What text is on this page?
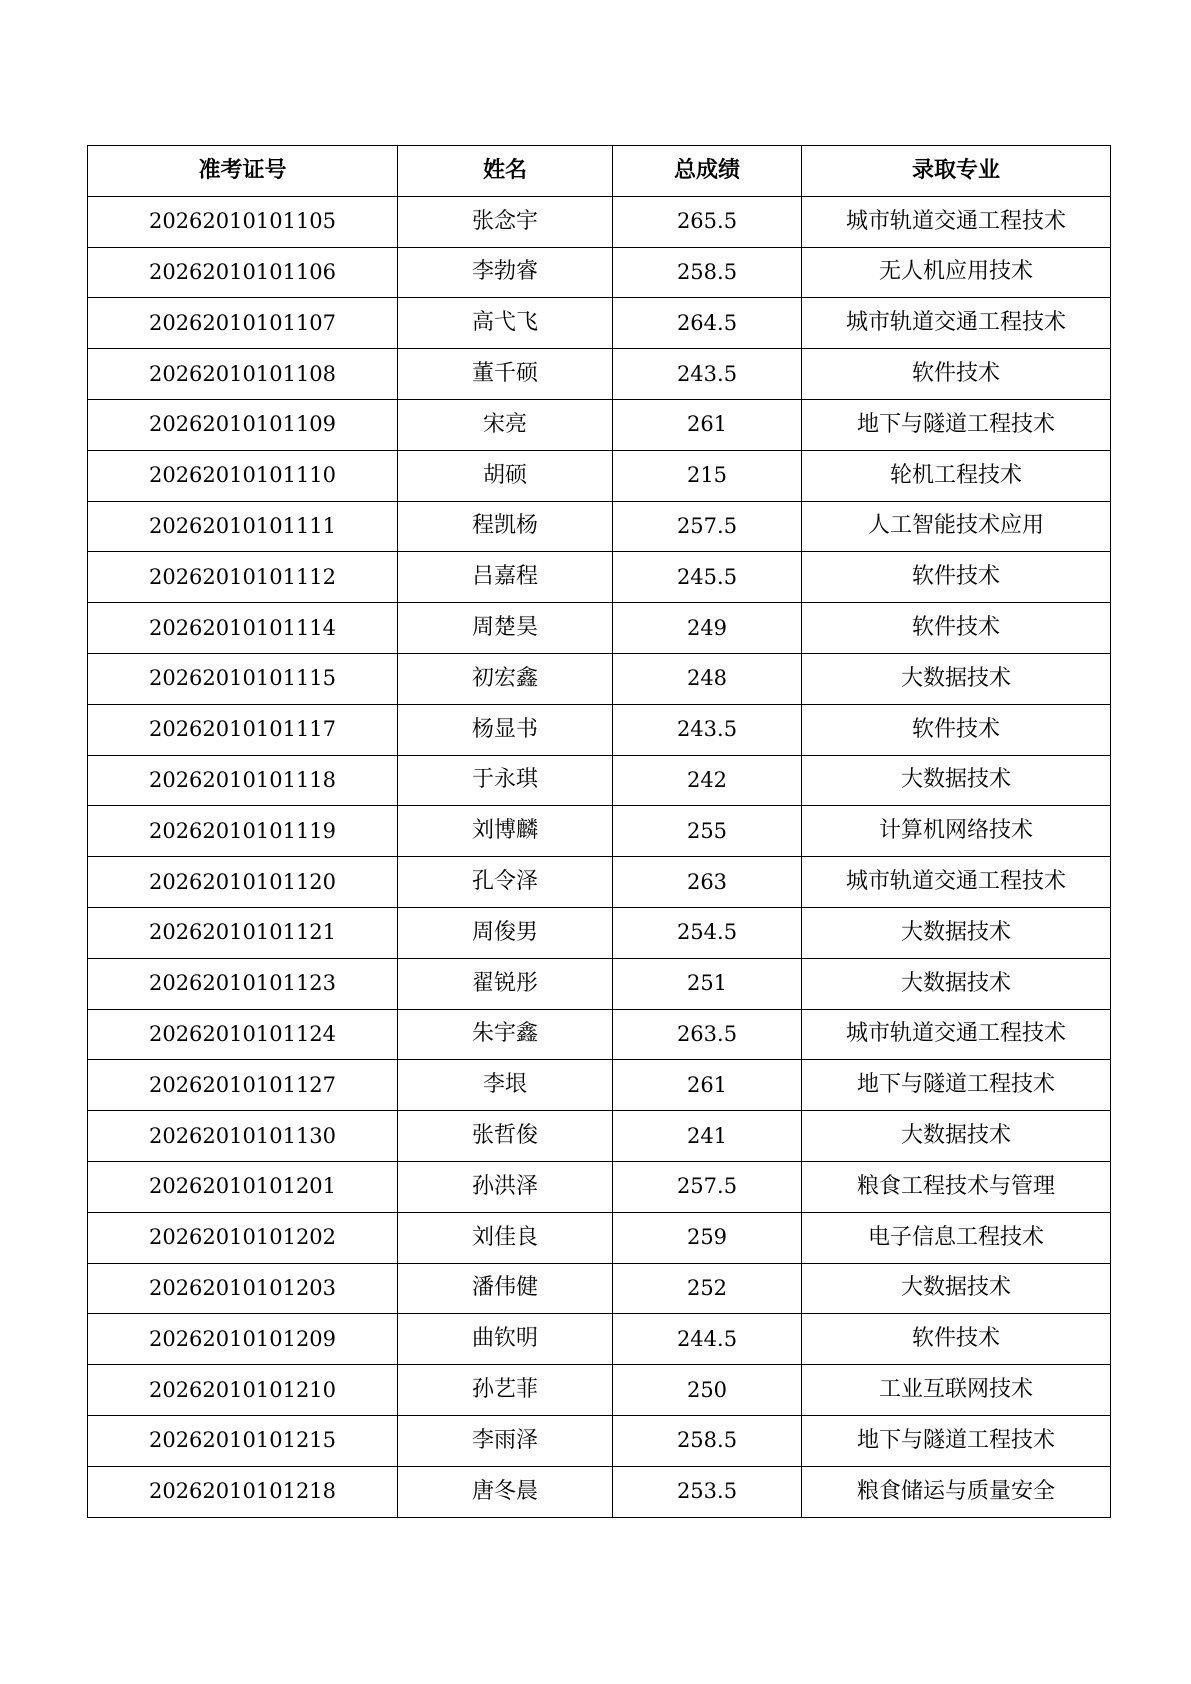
准考证号	姓名	总成绩	录取专业
20262010101105	张念宇	265.5	城市轨道交通工程技术
20262010101106	李勃睿	258.5	无人机应用技术
20262010101107	高弋飞	264.5	城市轨道交通工程技术
20262010101108	董千硕	243.5	软件技术
20262010101109	宋亮	261	地下与隧道工程技术
20262010101110	胡硕	215	轮机工程技术
20262010101111	程凯杨	257.5	人工智能技术应用
20262010101112	吕嘉程	245.5	软件技术
20262010101114	周楚昊	249	软件技术
20262010101115	初宏鑫	248	大数据技术
20262010101117	杨显书	243.5	软件技术
20262010101118	于永琪	242	大数据技术
20262010101119	刘博麟	255	计算机网络技术
20262010101120	孔令泽	263	城市轨道交通工程技术
20262010101121	周俊男	254.5	大数据技术
20262010101123	翟锐彤	251	大数据技术
20262010101124	朱宇鑫	263.5	城市轨道交通工程技术
20262010101127	李垠	261	地下与隧道工程技术
20262010101130	张哲俊	241	大数据技术
20262010101201	孙洪泽	257.5	粮食工程技术与管理
20262010101202	刘佳良	259	电子信息工程技术
20262010101203	潘伟健	252	大数据技术
20262010101209	曲钦明	244.5	软件技术
20262010101210	孙艺菲	250	工业互联网技术
20262010101215	李雨泽	258.5	地下与隧道工程技术
20262010101218	唐冬晨	253.5	粮食储运与质量安全
